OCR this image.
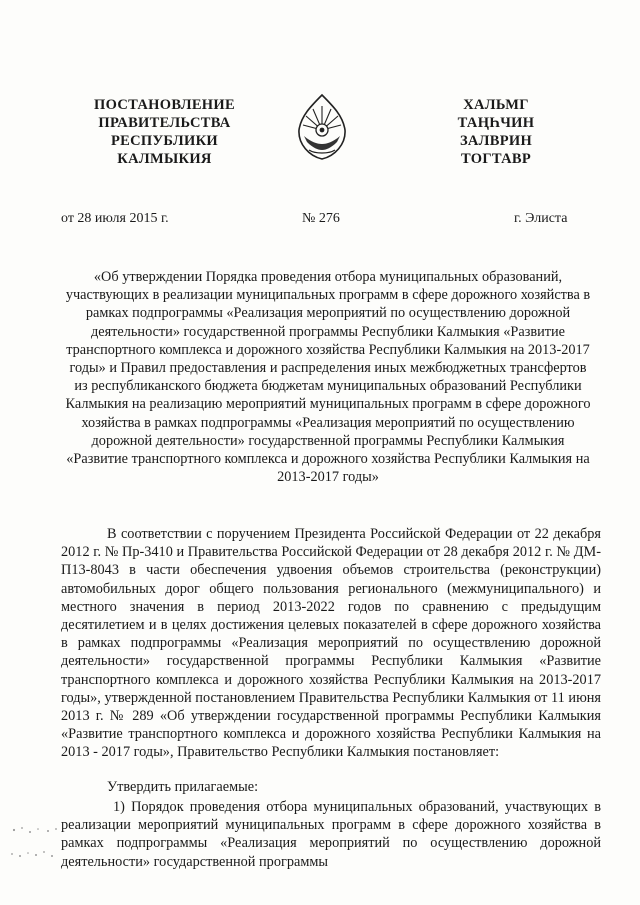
ПОСТАНОВЛЕНИЕ
ПРАВИТЕЛЬСТВА
РЕСПУБЛИКИ
КАЛМЫКИЯ
ХАЛЬМГ
ТАҢҺЧИН
ЗАЛВРИН
ТОГТАВР
от 28 июля 2015 г.	№ 276	г. Элиста
«Об утверждении Порядка проведения отбора муниципальных образований, участвующих в реализации муниципальных программ в сфере дорожного хозяйства в рамках подпрограммы «Реализация мероприятий по осуществлению дорожной деятельности» государственной программы Республики Калмыкия «Развитие транспортного комплекса и дорожного хозяйства Республики Калмыкия на 2013-2017 годы» и Правил предоставления и распределения иных межбюджетных трансфертов из республиканского бюджета бюджетам муниципальных образований Республики Калмыкия на реализацию мероприятий муниципальных программ в сфере дорожного хозяйства в рамках подпрограммы «Реализация мероприятий по осуществлению дорожной деятельности» государственной программы Республики Калмыкия «Развитие транспортного комплекса и дорожного хозяйства Республики Калмыкия на 2013-2017 годы»
В соответствии с поручением Президента Российской Федерации от 22 декабря 2012 г. № Пр-3410 и Правительства Российской Федерации от 28 декабря 2012 г. № ДМ-П13-8043 в части обеспечения удвоения объемов строительства (реконструкции) автомобильных дорог общего пользования регионального (межмуниципального) и местного значения в период 2013-2022 годов по сравнению с предыдущим десятилетием и в целях достижения целевых показателей в сфере дорожного хозяйства в рамках подпрограммы «Реализация мероприятий по осуществлению дорожной деятельности» государственной программы Республики Калмыкия «Развитие транспортного комплекса и дорожного хозяйства Республики Калмыкия на 2013-2017 годы», утвержденной постановлением Правительства Республики Калмыкия от 11 июня 2013 г. № 289 «Об утверждении государственной программы Республики Калмыкия «Развитие транспортного комплекса и дорожного хозяйства Республики Калмыкия на 2013 - 2017 годы», Правительство Республики Калмыкия постановляет:
Утвердить прилагаемые:
1) Порядок проведения отбора муниципальных образований, участвующих в реализации мероприятий муниципальных программ в сфере дорожного хозяйства в рамках подпрограммы «Реализация мероприятий по осуществлению дорожной деятельности» государственной программы
